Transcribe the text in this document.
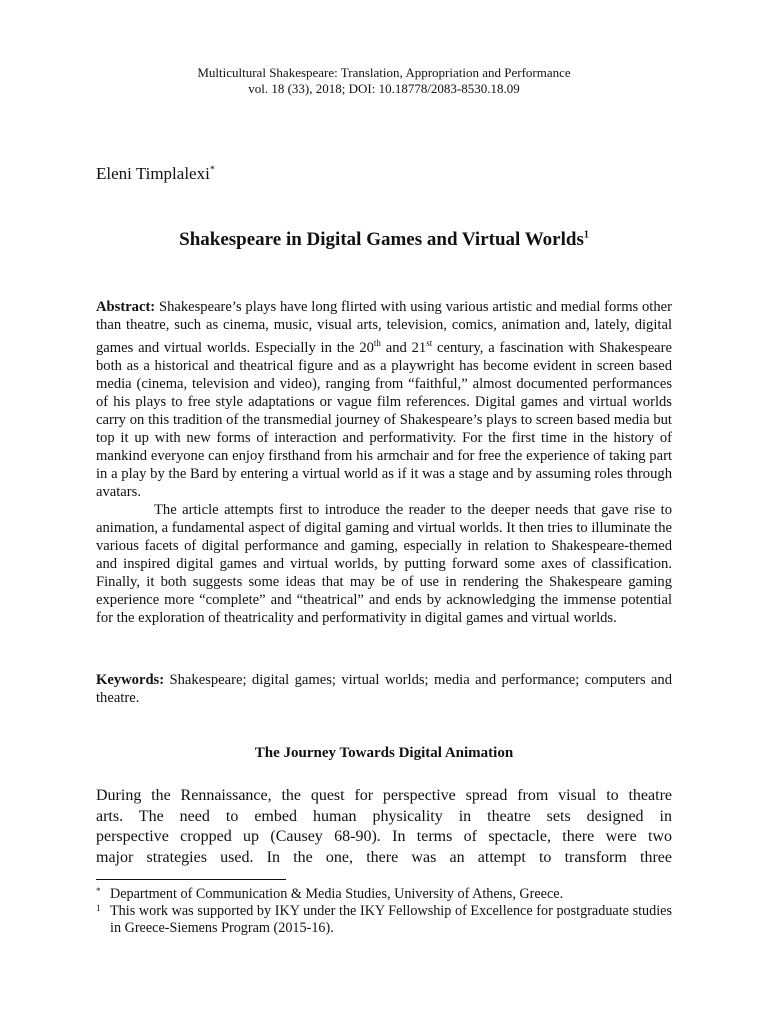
Multicultural Shakespeare: Translation, Appropriation and Performance
vol. 18 (33), 2018; DOI: 10.18778/2083-8530.18.09
Eleni Timplalexi*
Shakespeare in Digital Games and Virtual Worlds$^1$

Abstract: Shakespeare’s plays have long flirted with using various artistic and medial forms other than theatre, such as cinema, music, visual arts, television, comics, animation and, lately, digital games and virtual worlds. Especially in the 20th and 21st century, a fascination with Shakespeare both as a historical and theatrical figure and as a playwright has become evident in screen based media (cinema, television and video), ranging from “faithful,” almost documented performances of his plays to free style adaptations or vague film references. Digital games and virtual worlds carry on this tradition of the transmedial journey of Shakespeare’s plays to screen based media but top it up with new forms of interaction and performativity. For the first time in the history of mankind everyone can enjoy firsthand from his armchair and for free the experience of taking part in a play by the Bard by entering a virtual world as if it was a stage and by assuming roles through avatars.

The article attempts first to introduce the reader to the deeper needs that gave rise to animation, a fundamental aspect of digital gaming and virtual worlds. It then tries to illuminate the various facets of digital performance and gaming, especially in relation to Shakespeare-themed and inspired digital games and virtual worlds, by putting forward some axes of classification. Finally, it both suggests some ideas that may be of use in rendering the Shakespeare gaming experience more “complete” and “theatrical” and ends by acknowledging the immense potential for the exploration of theatricality and performativity in digital games and virtual worlds.

Keywords: Shakespeare; digital games; virtual worlds; media and performance; computers and theatre.
The Journey Towards Digital Animation

During the Rennaissance, the quest for perspective spread from visual to theatre

arts. The need to embed human physicality in theatre sets designed in

perspective cropped up (Causey 68-90). In terms of spectacle, there were two

major strategies used. In the one, there was an attempt to transform three

* Department of Communication & Media Studies, University of Athens, Greece.
1 This work was supported by IKY under the IKY Fellowship of Excellence for postgraduate studies in Greece-Siemens Program (2015-16).
